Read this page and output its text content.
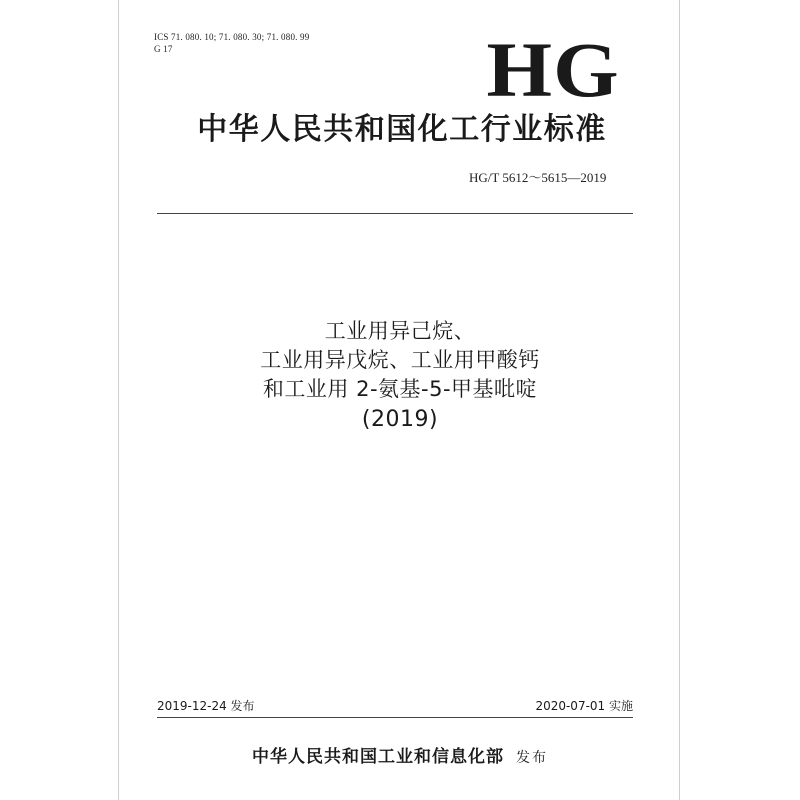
ICS 71. 080. 10; 71. 080. 30; 71. 080. 99
G 17	HG
中华人民共和国化工行业标准
HG/T 5612～5615—2019
工业用异己烷、
工业用异戊烷、工业用甲酸钙
和工业用 2-氨基-5-甲基吡啶
(2019)
2019-12-24 发布	2020-07-01 实施
中华人民共和国工业和信息化部 发布
